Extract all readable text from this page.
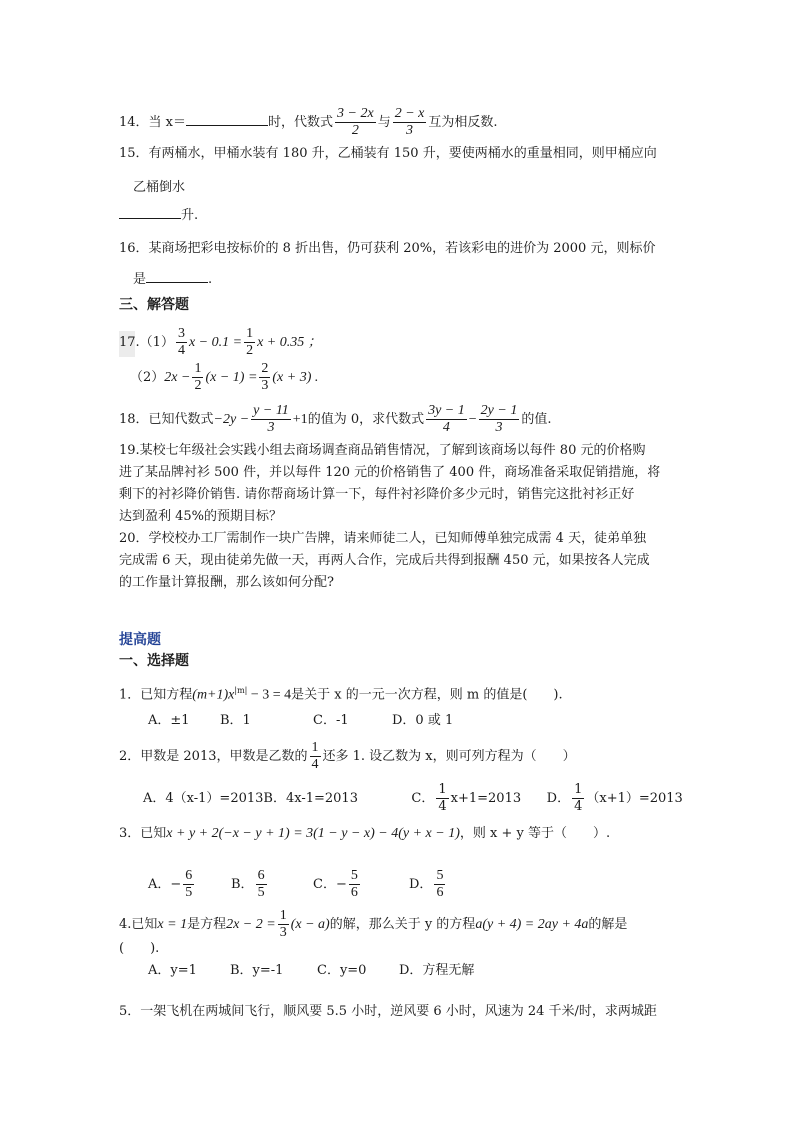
14．当 x＝	时，代数式 $\frac{3 - 2x}{2}$ 与 $\frac{2 - x}{3}$ 互为相反数.
15．有两桶水，甲桶水装有 180 升，乙桶装有 150 升，要使两桶水的重量相同，则甲桶应向
乙桶倒水
升.
16．某商场把彩电按标价的 8 折出售，仍可获利 20%，若该彩电的进价为 2000 元，则标价
是	.
三、解答题
$17.(1) \frac{3}{4}$ $x - 0.1 = \frac{1}{2}$ x + 0.35 ；
$(2)2x - \frac{1}{2} (x - 1) = \frac{2}{3} (x + 3)$ .
18．已知代数式$-2y - \frac{y - 11}{3} +1$的值为 0，求代数式 $\frac{3y - 1}{4} - \frac{2y - 1}{3}$ 的值.
19.某校七年级社会实践小组去商场调查商品销售情况，了解到该商场以每件 80 元的价格购
进了某品牌衬衫 500 件，并以每件 120 元的价格销售了 400 件，商场准备采取促销措施，将
剩下的衬衫降价销售. 请你帮商场计算一下，每件衬衫降价多少元时，销售完这批衬衫正好
达到盈利 45%的预期目标？
20．学校校办工厂需制作一块广告牌，请来师徒二人，已知师傅单独完成需 4 天，徒弟单独
完成需 6 天，现由徒弟先做一天，再两人合作，完成后共得到报酬 450 元，如果按各人完成
的工作量计算报酬，那么该如何分配?
提高题
一、选择题
1．已知方程$(m+1)x^{|m|} - 3 = 4$是关于 x 的一元一次方程，则 m 的值是(　　).
A．±1 B．1	C．-1	D．0 或 1
2．甲数是 2013，甲数是乙数的 $\frac{1}{4}$ 还多 1. 设乙数为 x，则可列方程为（　　）
A．4（x-1）=2013B．4x-1=2013	C． $\frac{1}{4} x+1=2013$ D． $\frac{1}{4} (x+1)=2013$
3．已知x + y + 2(−x − y + 1) = 3(1 − y − x) − 4(y + x − 1)，则 x + y 等于（　　）.
A．− $\frac{6}{5}$	B． $\frac{6}{5}$	C．− $\frac{5}{6}$	D． $\frac{5}{6}$
4.已知x = 1是方程$2x - 2 = \frac{1}{3} (x - a)$的解，那么关于 y 的方程a(y + 4) = 2ay + 4a的解是
(　　).
A．y=1	B．y=-1	C．y=0	D．方程无解
5．一架飞机在两城间飞行，顺风要 5.5 小时，逆风要 6 小时，风速为 24 千米/时，求两城距
